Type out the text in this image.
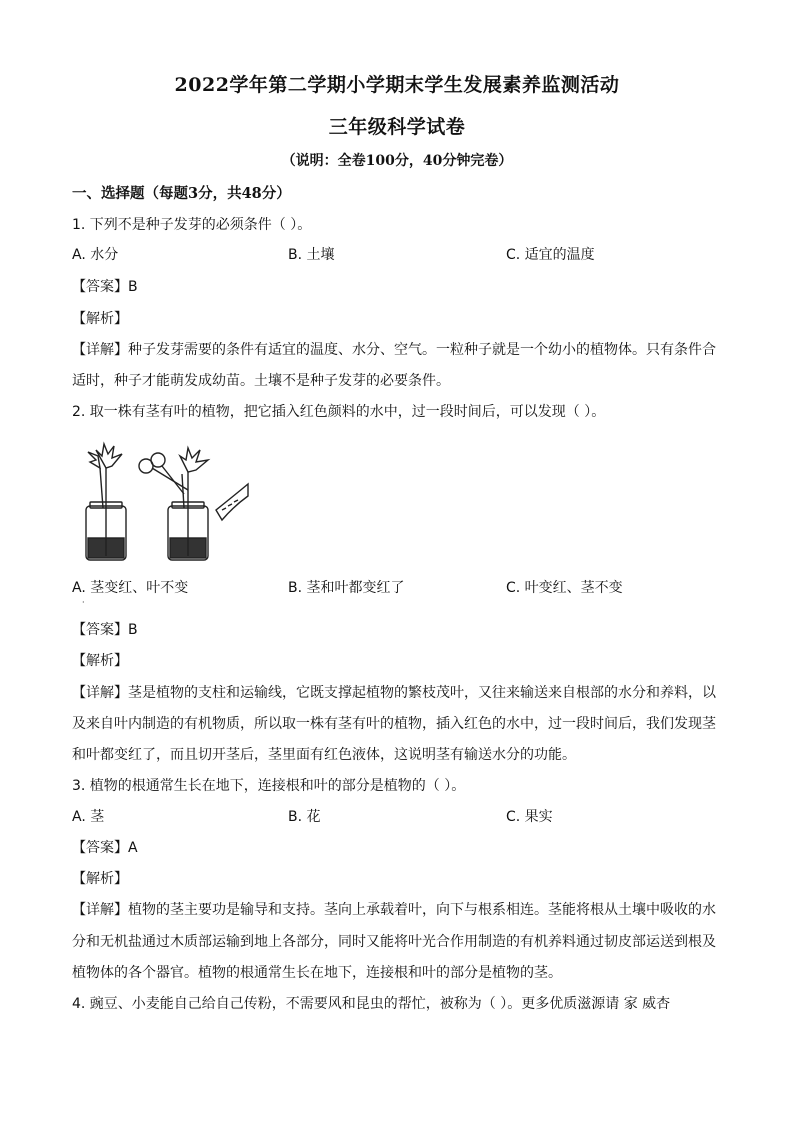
2022学年第二学期小学期末学生发展素养监测活动
三年级科学试卷
（说明：全卷100分，40分钟完卷）
一、选择题（每题3分，共48分）
1. 下列不是种子发芽的必须条件（ ）。
A. 水分	B. 土壤	C. 适宜的温度
【答案】B
【解析】
【详解】种子发芽需要的条件有适宜的温度、水分、空气。一粒种子就是一个幼小的植物体。只有条件合
适时，种子才能萌发成幼苗。土壤不是种子发芽的必要条件。
2. 取一株有茎有叶的植物，把它插入红色颜料的水中，过一段时间后，可以发现（ ）。
A. 茎变红、叶不变	B. 茎和叶都变红了	C. 叶变红、茎不变
·
【答案】B
【解析】
【详解】茎是植物的支柱和运输线，它既支撑起植物的繁枝茂叶，又往来输送来自根部的水分和养料，以
及来自叶内制造的有机物质，所以取一株有茎有叶的植物，插入红色的水中，过一段时间后，我们发现茎
和叶都变红了，而且切开茎后，茎里面有红色液体，这说明茎有输送水分的功能。
3. 植物的根通常生长在地下，连接根和叶的部分是植物的（ ）。
A. 茎	B. 花	C. 果实
【答案】A
【解析】
【详解】植物的茎主要功是输导和支持。茎向上承载着叶，向下与根系相连。茎能将根从土壤中吸收的水
分和无机盐通过木质部运输到地上各部分，同时又能将叶光合作用制造的有机养料通过韧皮部运送到根及
植物体的各个器官。植物的根通常生长在地下，连接根和叶的部分是植物的茎。
4. 豌豆、小麦能自己给自己传粉，不需要风和昆虫的帮忙，被称为（ ）。更多优质滋源请 家 威杏
